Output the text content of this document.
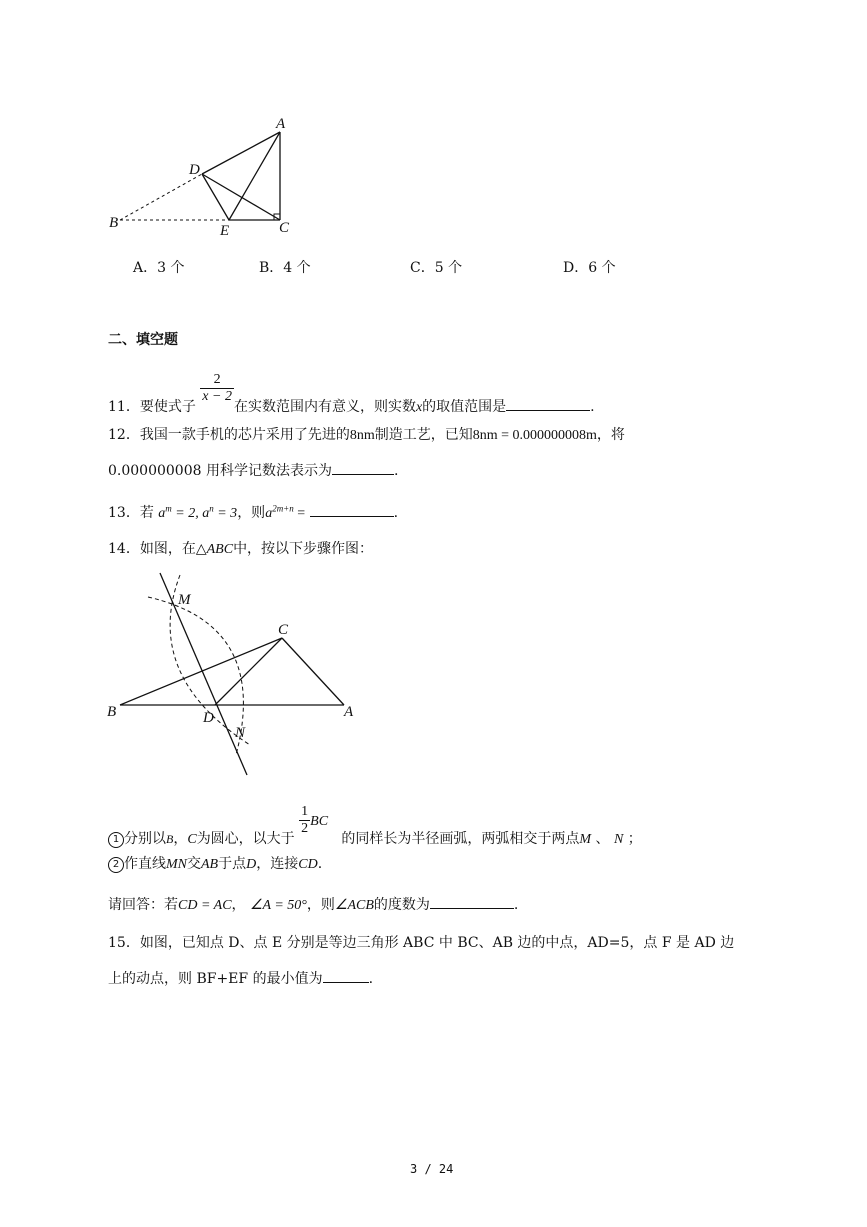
A
D
B	E	C
A．3 个	B．4 个	C．5 个	D．6 个
二、填空题
11．要使式子
$\frac{2}{x - 2}$
在实数范围内有意义，则实数x的取值范围是	.
12．我国一款手机的芯片采用了先进的8nm制造工艺，已知8nm = 0.000000008m，将
0.000000008 用科学记数法表示为	.
13．若 $a^m = 2$, $a^n = 3$，则$a^{2m+n}$ =	.
14．如图，在△ABC中，按以下步骤作图：
M
C
B	D	A
N
1 分别以B，C为圆心，以大于
$\frac{1}{2}$ BC   的同样长为半径画弧，两弧相交于两点M 、 N ；
2 作直线MN交AB于点D，连接CD.
请回答：若CD = AC， ∠A = 50°，则∠ACB的度数为	.
15．如图，已知点 D、点 E 分别是等边三角形 ABC 中 BC、AB 边的中点，AD=5，点 F 是 AD 边
上的动点，则 BF+EF 的最小值为	.
3 / 24
